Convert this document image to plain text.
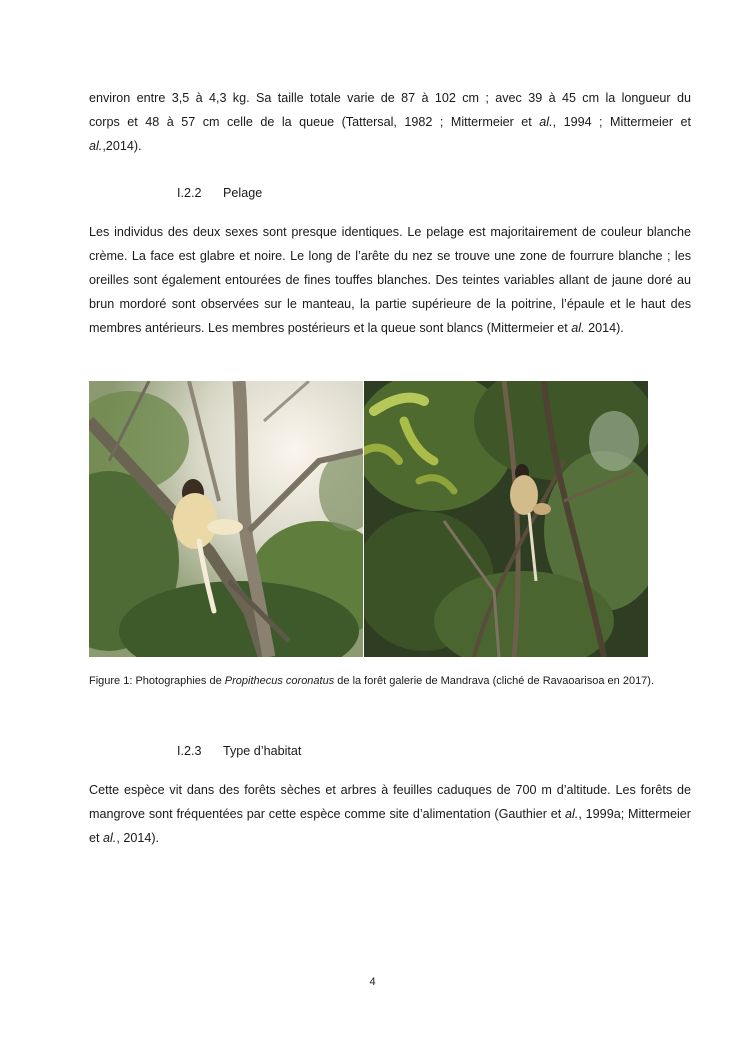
environ entre 3,5 à 4,3 kg. Sa taille totale varie de 87 à 102 cm ; avec 39 à 45 cm la longueur du
corps et 48 à 57 cm celle de la queue (Tattersal, 1982 ; Mittermeier et al., 1994 ; Mittermeier et
al.,2014).
I.2.2 Pelage
Les individus des deux sexes sont presque identiques. Le pelage est majoritairement de couleur blanche crème. La face est glabre et noire. Le long de l’arête du nez se trouve une zone de fourrure blanche ; les oreilles sont également entourées de fines touffes blanches. Des teintes variables allant de jaune doré au brun mordoré sont observées sur le manteau, la partie supérieure de la poitrine, l’épaule et le haut des membres antérieurs. Les membres postérieurs et la queue sont blancs (Mittermeier et al. 2014).
Figure 1: Photographies de Propithecus coronatus de la forêt galerie de Mandrava (cliché de Ravaoarisoa en 2017).
I.2.3 Type d’habitat
Cette espèce vit dans des forêts sèches et arbres à feuilles caduques de 700 m d’altitude. Les forêts de mangrove sont fréquentées par cette espèce comme site d’alimentation (Gauthier et al., 1999a; Mittermeier et al., 2014).
4
